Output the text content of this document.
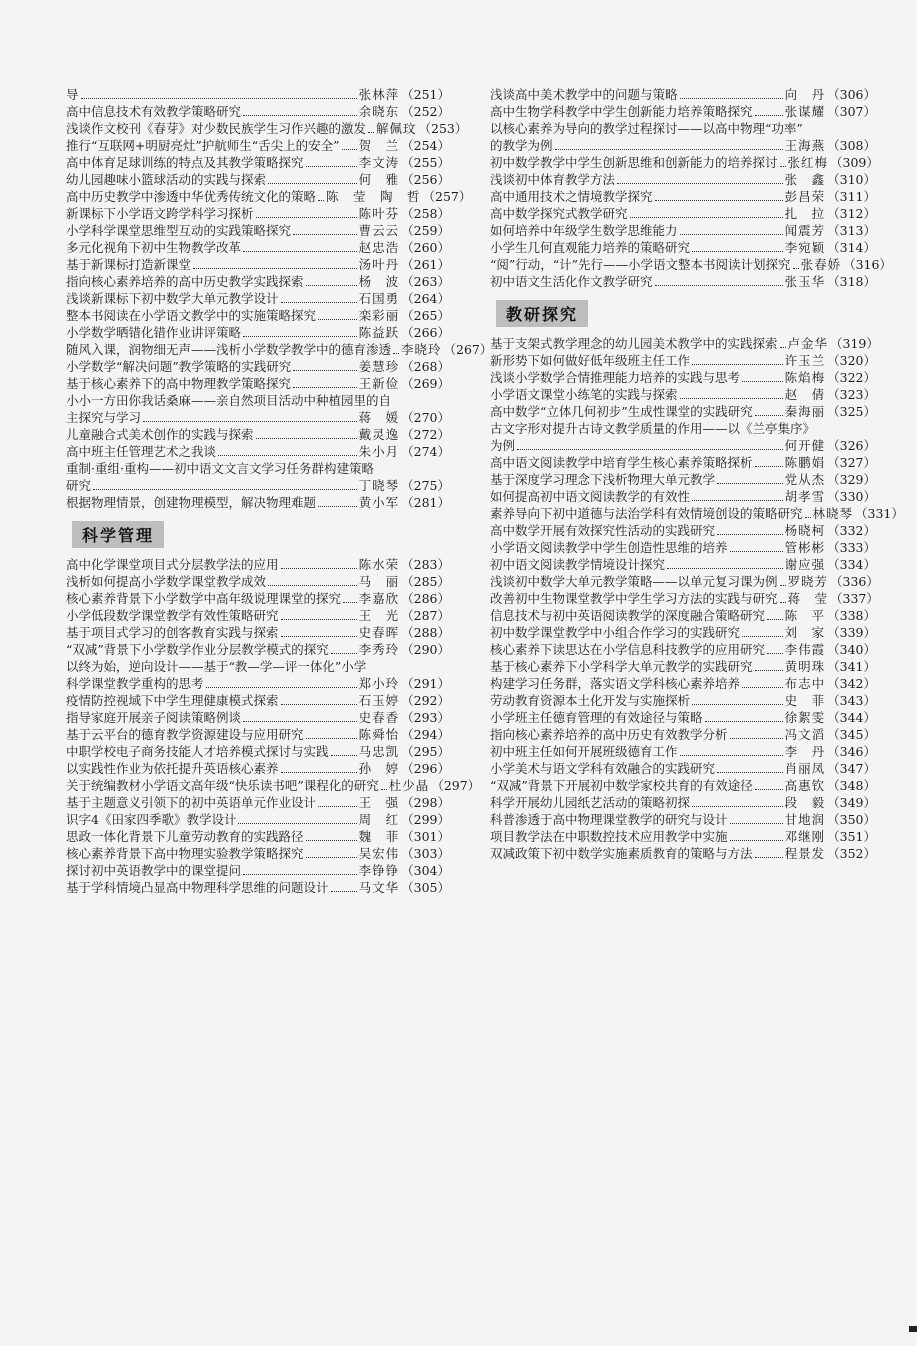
导	张林萍 （251）
高中信息技术有效教学策略研究	余晓东 （252）
浅谈作文校刊《春芽》对少数民族学生习作兴趣的激发 解佩玟 （253）
推行“互联网+明厨亮灶”护航师生“舌尖上的安全” 贺　兰 （254）
高中体育足球训练的特点及其教学策略探究	李文涛 （255）
幼儿园趣味小篮球活动的实践与探索	何　雅 （256）
高中历史教学中渗透中华优秀传统文化的策略 陈　莹　陶　哲 （257）
新课标下小学语文跨学科学习探析	陈叶芬 （258）
小学科学课堂思维型互动的实践策略探究	曹云云 （259）
多元化视角下初中生物教学改革	赵忠浩 （260）
基于新课标打造新课堂	汤叶丹 （261）
指向核心素养培养的高中历史教学实践探索	杨　波 （263）
浅谈新课标下初中数学大单元教学设计	石国勇 （264）
整本书阅读在小学语文教学中的实施策略探究	栾彩丽 （265）
小学数学晒错化错作业讲评策略	陈益跃 （266）
随风入课，润物细无声——浅析小学数学教学中的德育渗透 李晓玲 （267）
小学数学“解决问题”教学策略的实践研究	姜慧珍 （268）
基于核心素养下的高中物理教学策略探究	王新俭 （269）
小小一方田你我话桑麻——亲自然项目活动中种植园里的自
主探究与学习	蒋　媛 （270）
儿童融合式美术创作的实践与探索	戴灵逸 （272）
高中班主任管理艺术之我谈	朱小月 （274）
重制·重组·重构——初中语文文言文学习任务群构建策略
研究	丁晓琴 （275）
根据物理情景，创建物理模型，解决物理难题	黄小军 （281）
科学管理
高中化学课堂项目式分层教学法的应用	陈水荣 （283）
浅析如何提高小学数学课堂教学成效	马　丽 （285）
核心素养背景下小学数学中高年级说理课堂的探究 李嘉欣 （286）
小学低段数学课堂教学有效性策略研究	王　光 （287）
基于项目式学习的创客教育实践与探索	史春晖 （288）
“双减”背景下小学数学作业分层教学模式的探究 李秀玲 （290）
以终为始，逆向设计——基于“教—学—评一体化”小学
科学课堂教学重构的思考	郑小玲 （291）
疫情防控视域下中学生理健康模式探索	石玉婷 （292）
指导家庭开展亲子阅读策略例谈	史春香 （293）
基于云平台的德育教学资源建设与应用研究	陈舜怡 （294）
中职学校电子商务技能人才培养模式探讨与实践 马忠凯 （295）
以实践性作业为依托提升英语核心素养	孙　婷 （296）
关于统编教材小学语文高年级“快乐读书吧”课程化的研究 杜少晶 （297）
基于主题意义引领下的初中英语单元作业设计	王　强 （298）
识字4《田家四季歌》教学设计	周　红 （299）
思政一体化背景下儿童劳动教育的实践路径	魏　菲 （301）
核心素养背景下高中物理实验教学策略探究	吴宏伟 （303）
探讨初中英语教学中的课堂提问	李铮铮 （304）
基于学科情境凸显高中物理科学思维的问题设计 马文华 （305）
浅谈高中美术教学中的问题与策略	向　丹 （306）
高中生物学科教学中学生创新能力培养策略探究	张谋耀 （307）
以核心素养为导向的教学过程探讨——以高中物理“功率”
的教学为例	王海燕 （308）
初中数学教学中学生创新思维和创新能力的培养探讨 张红梅 （309）
浅谈初中体育教学方法	张　鑫 （310）
高中通用技术之情境教学探究	彭昌荣 （311）
高中数学探究式教学研究	扎　拉 （312）
如何培养中年级学生数学思维能力	闻震芳 （313）
小学生几何直观能力培养的策略研究	李宛颖 （314）
“阅”行动，“计”先行——小学语文整本书阅读计划探究 张春娇 （316）
初中语文生活化作文教学研究	张玉华 （318）
教研探究
基于支架式教学理念的幼儿园美术教学中的实践探索 卢金华 （319）
新形势下如何做好低年级班主任工作	许玉兰 （320）
浅谈小学数学合情推理能力培养的实践与思考	陈焰梅 （322）
小学语文课堂小练笔的实践与探索	赵　倩 （323）
高中数学“立体几何初步”生成性课堂的实践研究	秦海丽 （325）
古文字形对提升古诗文教学质量的作用——以《兰亭集序》
为例	何开健 （326）
高中语文阅读教学中培育学生核心素养策略探析	陈鹏娟 （327）
基于深度学习理念下浅析物理大单元教学	党从杰 （329）
如何提高初中语文阅读教学的有效性	胡孝雪 （330）
素养导向下初中道德与法治学科有效情境创设的策略研究 林晓琴 （331）
高中数学开展有效探究性活动的实践研究	杨晓柯 （332）
小学语文阅读教学中学生创造性思维的培养	管彬彬 （333）
初中语文阅读教学情境设计探究	谢应强 （334）
浅谈初中数学大单元教学策略——以单元复习课为例 罗晓芳 （336）
改善初中生物课堂教学中学生学习方法的实践与研究 蒋　莹 （337）
信息技术与初中英语阅读教学的深度融合策略研究 陈　平 （338）
初中数学课堂教学中小组合作学习的实践研究	刘　家 （339）
核心素养下读思达在小学信息科技教学的应用研究 李伟霞 （340）
基于核心素养下小学科学大单元教学的实践研究	黄明珠 （341）
构建学习任务群，落实语文学科核心素养培养	布志中 （342）
劳动教育资源本土化开发与实施探析	史　菲 （343）
小学班主任德育管理的有效途径与策略	徐絮雯 （344）
指向核心素养培养的高中历史有效教学分析	冯文滔 （345）
初中班主任如何开展班级德育工作	李　丹 （346）
小学美术与语文学科有效融合的实践研究	肖丽凤 （347）
“双减”背景下开展初中数学家校共育的有效途径	高惠钦 （348）
科学开展幼儿园纸艺活动的策略初探	段　毅 （349）
科普渗透于高中物理课堂教学的研究与设计	甘地润 （350）
项目教学法在中职数控技术应用教学中实施	邓继刚 （351）
双减政策下初中数学实施素质教育的策略与方法	程景发 （352）
